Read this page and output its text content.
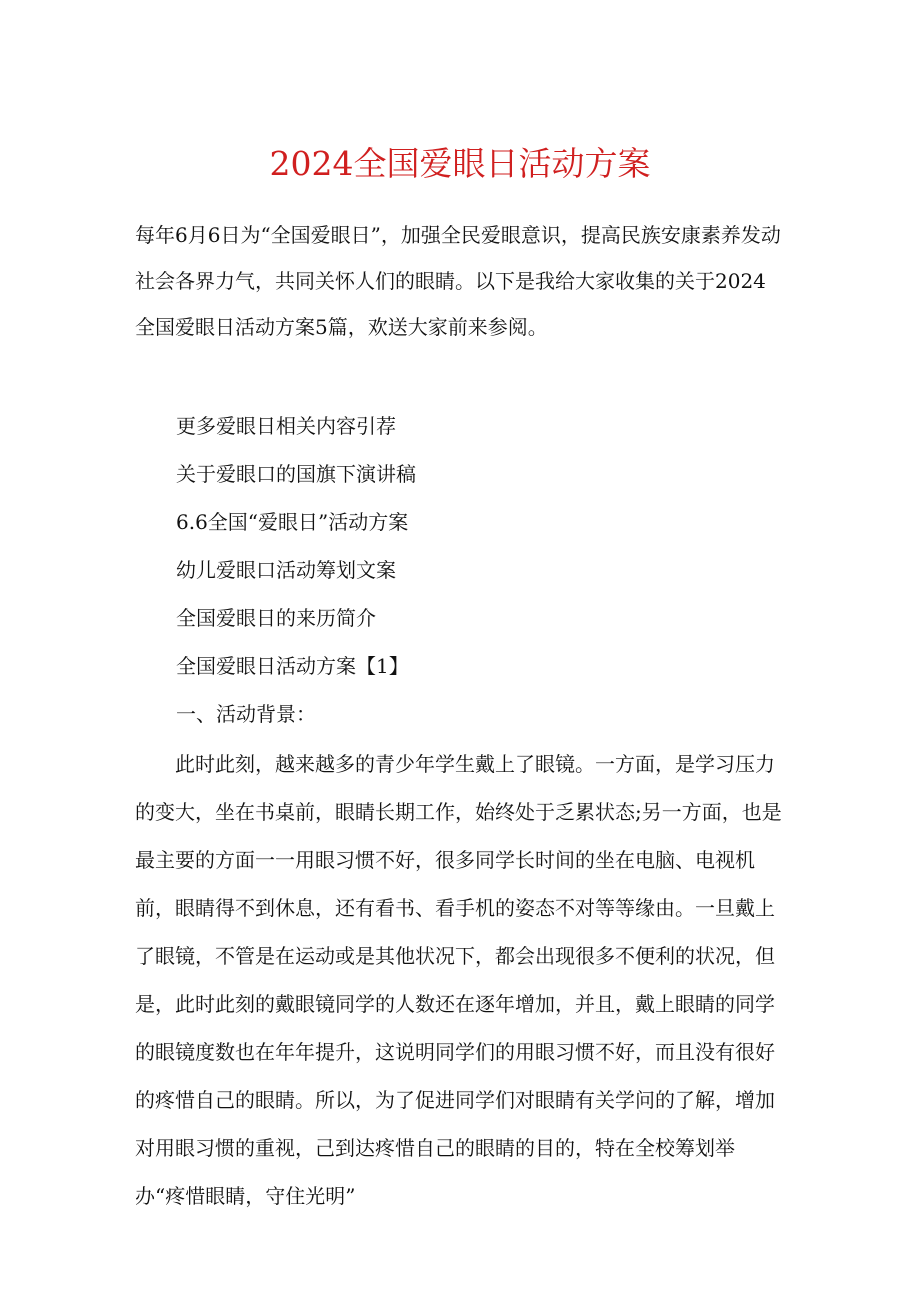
2024全国爱眼日活动方案

每年6月6日为“全国爱眼日”，加强全民爱眼意识，提高民族安康素养发动社会各界力气，共同关怀人们的眼睛。以下是我给大家收集的关于2024全国爱眼日活动方案5篇，欢送大家前来参阅。

更多爱眼日相关内容引荐
关于爱眼口的国旗下演讲稿
6.6全国“爱眼日”活动方案
幼儿爱眼口活动筹划文案
全国爱眼日的来历简介
全国爱眼日活动方案【1】
一、活动背景：

此时此刻，越来越多的青少年学生戴上了眼镜。一方面，是学习压力的变大，坐在书桌前，眼睛长期工作，始终处于乏累状态;另一方面，也是最主要的方面一一用眼习惯不好，很多同学长时间的坐在电脑、电视机前，眼睛得不到休息，还有看书、看手机的姿态不对等等缘由。一旦戴上了眼镜，不管是在运动或是其他状况下，都会出现很多不便利的状况，但是，此时此刻的戴眼镜同学的人数还在逐年增加，并且，戴上眼睛的同学的眼镜度数也在年年提升，这说明同学们的用眼习惯不好，而且没有很好的疼惜自己的眼睛。所以，为了促进同学们对眼睛有关学问的了解，增加对用眼习惯的重视，己到达疼惜自己的眼睛的目的，特在全校筹划举办“疼惜眼睛，守住光明”
